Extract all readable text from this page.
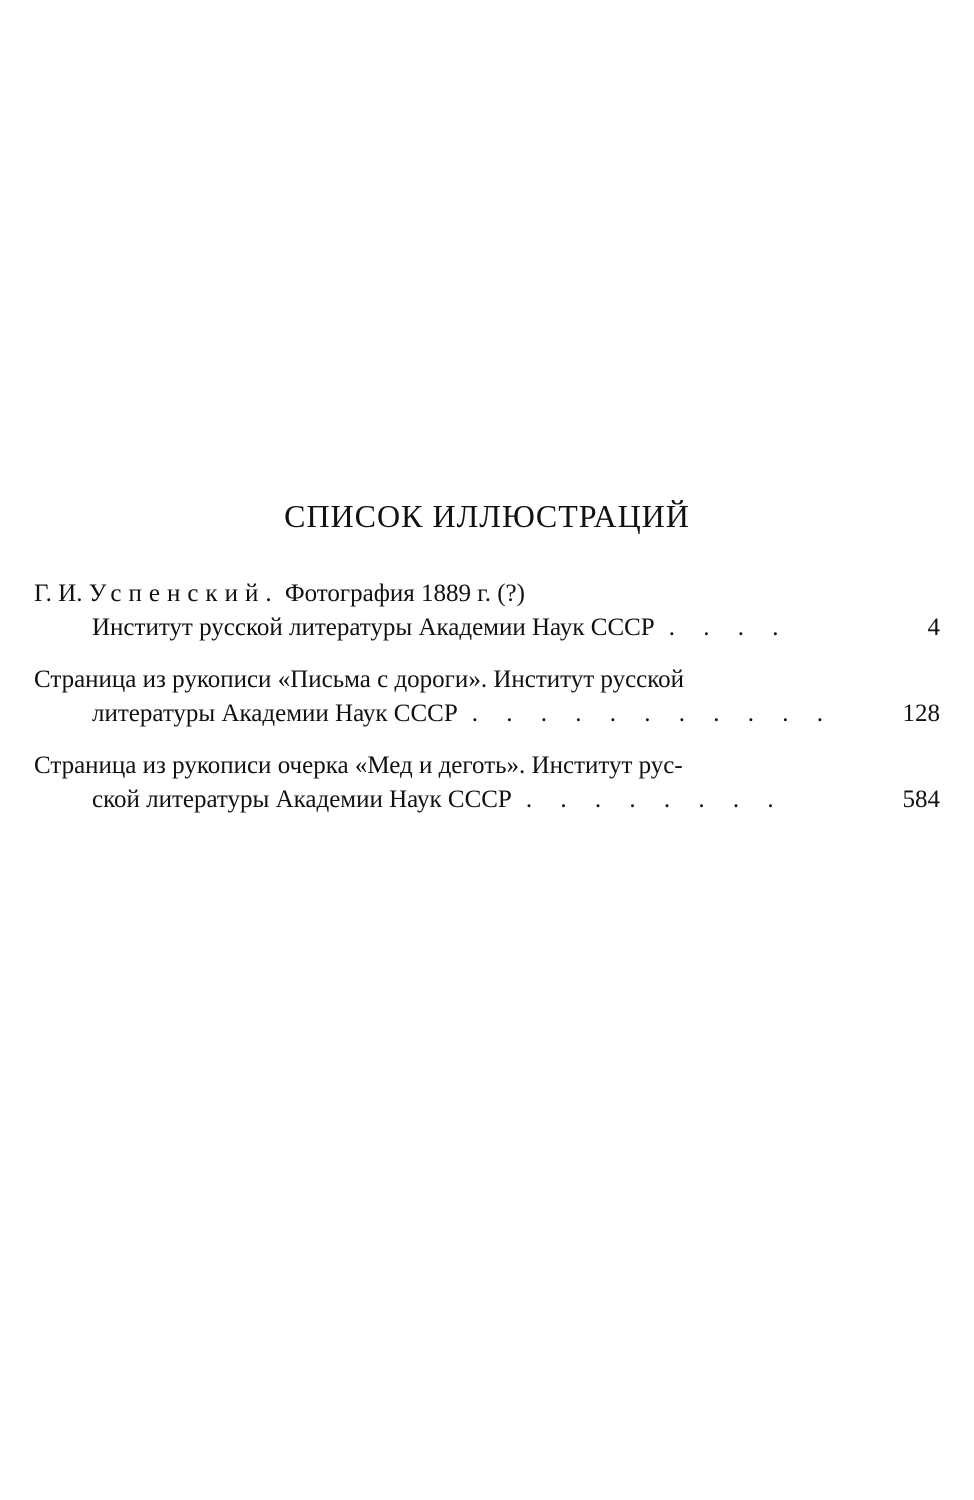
СПИСОК ИЛЛЮСТРАЦИЙ
Г. И. Успенский. Фотография 1889 г. (?)
Институт русской литературы Академии Наук СССР . . . .	4
Страница из рукописи «Письма с дороги». Институт русской
литературы Академии Наук СССР . . . . . . . . . . .	128
Страница из рукописи очерка «Мед и деготь». Институт рус-
ской литературы Академии Наук СССР . . . . . . . .	584
